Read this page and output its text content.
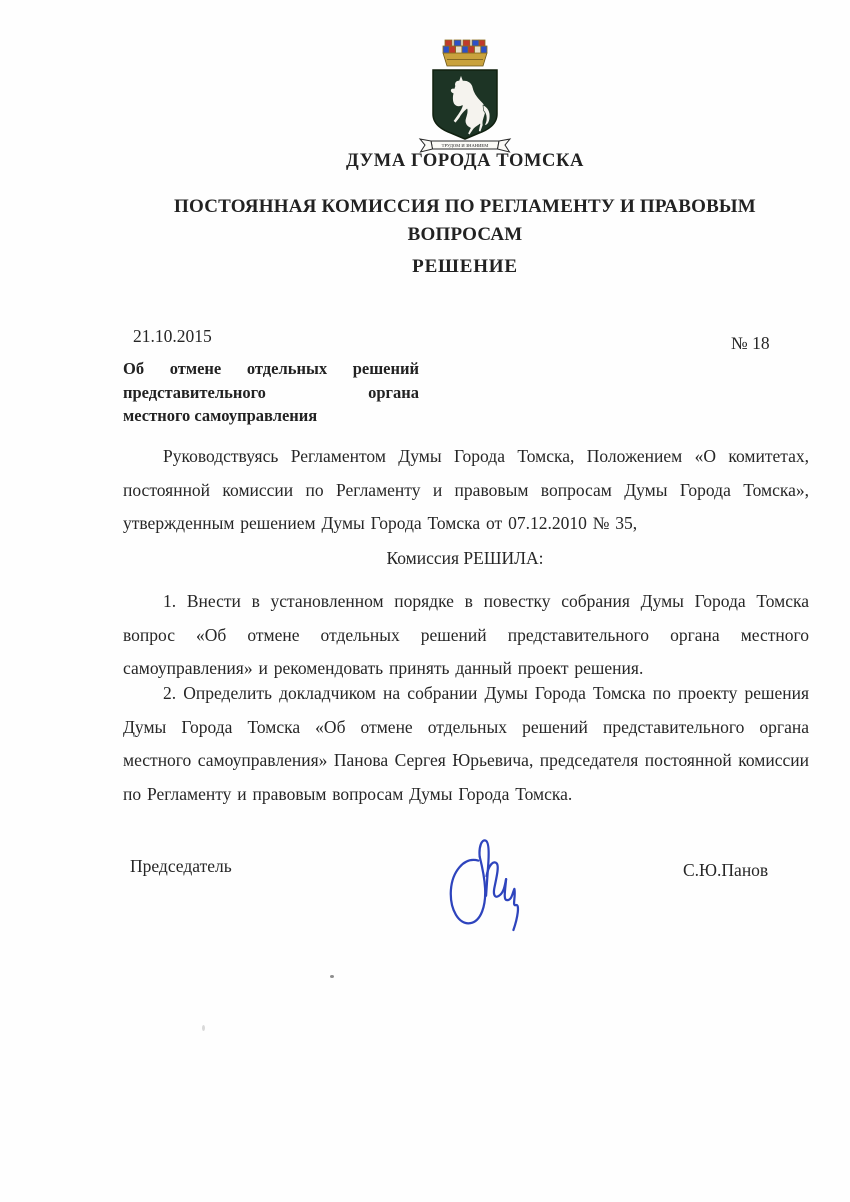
ТРУДОМ И ЗНАНИЕМ
ДУМА ГОРОДА ТОМСКА
ПОСТОЯННАЯ КОМИССИЯ ПО РЕГЛАМЕНТУ И ПРАВОВЫМ ВОПРОСАМ
РЕШЕНИЕ
21.10.2015	№ 18
Об отмене отдельных решений
представительного органа
местного самоуправления
Руководствуясь Регламентом Думы Города Томска, Положением «О комитетах, постоянной комиссии по Регламенту и правовым вопросам Думы Города Томска», утвержденным решением Думы Города Томска от 07.12.2010 № 35,
Комиссия РЕШИЛА:
1. Внести в установленном порядке в повестку собрания Думы Города Томска вопрос «Об отмене отдельных решений представительного органа местного самоуправления» и рекомендовать принять данный проект решения.
2. Определить докладчиком на собрании Думы Города Томска по проекту решения Думы Города Томска «Об отмене отдельных решений представительного органа местного самоуправления» Панова Сергея Юрьевича, председателя постоянной комиссии по Регламенту и правовым вопросам Думы Города Томска.
Председатель	С.Ю.Панов
